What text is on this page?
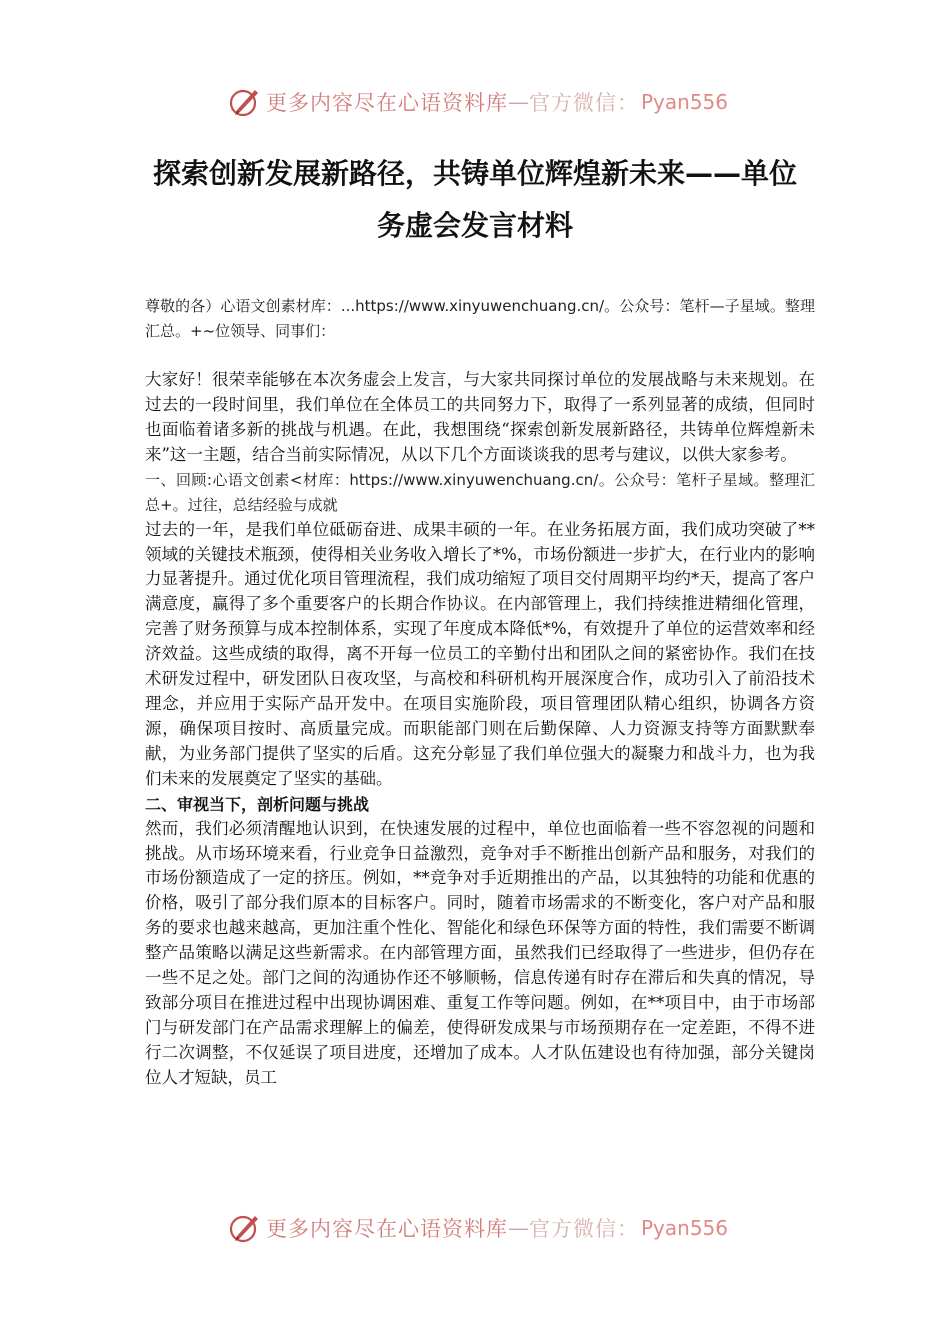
更多内容尽在心语资料库 — 官方微信： Pyan556
探索创新发展新路径，共铸单位辉煌新未来——单位
务虚会发言材料

尊敬的各）心语文创素材库：...https://www.xinyuwenchuang.cn/。公众号：笔杆—子星域。整理汇总。+~位领导、同事们：

大家好！很荣幸能够在本次务虚会上发言，与大家共同探讨单位的发展战略与未来规划。在过去的一段时间里，我们单位在全体员工的共同努力下，取得了一系列显著的成绩，但同时也面临着诸多新的挑战与机遇。在此，我想围绕“探索创新发展新路径，共铸单位辉煌新未来”这一主题，结合当前实际情况，从以下几个方面谈谈我的思考与建议，以供大家参考。

一、回顾:心语文创素<材库：https://www.xinyuwenchuang.cn/。公众号：笔杆子星域。整理汇总+。过往，总结经验与成就

过去的一年，是我们单位砥砺奋进、成果丰硕的一年。在业务拓展方面，我们成功突破了**领域的关键技术瓶颈，使得相关业务收入增长了*%，市场份额进一步扩大，在行业内的影响力显著提升。通过优化项目管理流程，我们成功缩短了项目交付周期平均约*天，提高了客户满意度，赢得了多个重要客户的长期合作协议。在内部管理上，我们持续推进精细化管理，完善了财务预算与成本控制体系，实现了年度成本降低*%，有效提升了单位的运营效率和经济效益。这些成绩的取得，离不开每一位员工的辛勤付出和团队之间的紧密协作。我们在技术研发过程中，研发团队日夜攻坚，与高校和科研机构开展深度合作，成功引入了前沿技术理念，并应用于实际产品开发中。在项目实施阶段，项目管理团队精心组织，协调各方资源，确保项目按时、高质量完成。而职能部门则在后勤保障、人力资源支持等方面默默奉献，为业务部门提供了坚实的后盾。这充分彰显了我们单位强大的凝聚力和战斗力，也为我们未来的发展奠定了坚实的基础。

二、审视当下，剖析问题与挑战

然而，我们必须清醒地认识到，在快速发展的过程中，单位也面临着一些不容忽视的问题和挑战。从市场环境来看，行业竞争日益激烈，竞争对手不断推出创新产品和服务，对我们的市场份额造成了一定的挤压。例如，**竞争对手近期推出的产品，以其独特的功能和优惠的价格，吸引了部分我们原本的目标客户。同时，随着市场需求的不断变化，客户对产品和服务的要求也越来越高，更加注重个性化、智能化和绿色环保等方面的特性，我们需要不断调整产品策略以满足这些新需求。在内部管理方面，虽然我们已经取得了一些进步，但仍存在一些不足之处。部门之间的沟通协作还不够顺畅，信息传递有时存在滞后和失真的情况，导致部分项目在推进过程中出现协调困难、重复工作等问题。例如，在**项目中，由于市场部门与研发部门在产品需求理解上的偏差，使得研发成果与市场预期存在一定差距，不得不进行二次调整，不仅延误了项目进度，还增加了成本。人才队伍建设也有待加强，部分关键岗位人才短缺，员工

更多内容尽在心语资料库 — 官方微信： Pyan556
